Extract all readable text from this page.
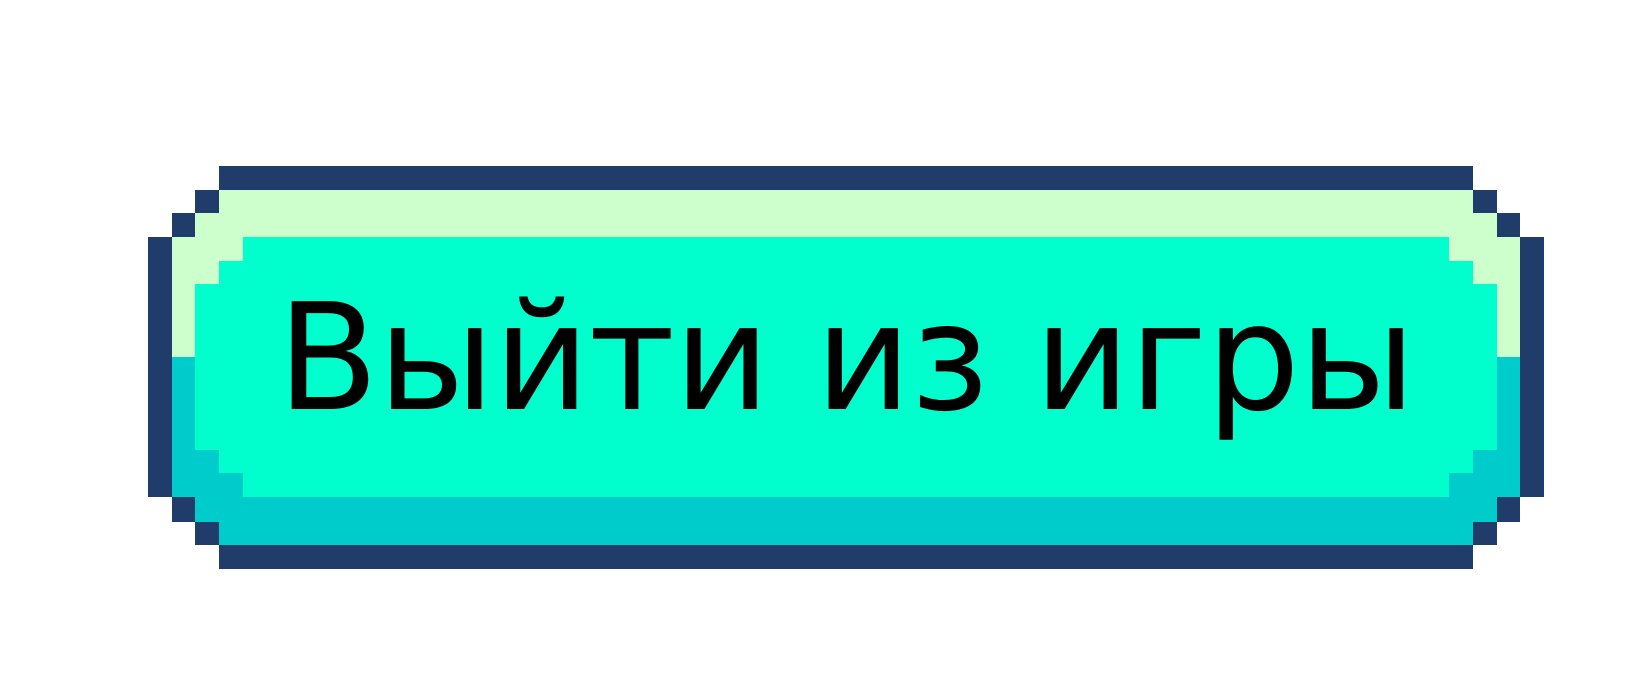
Выйти из игры
